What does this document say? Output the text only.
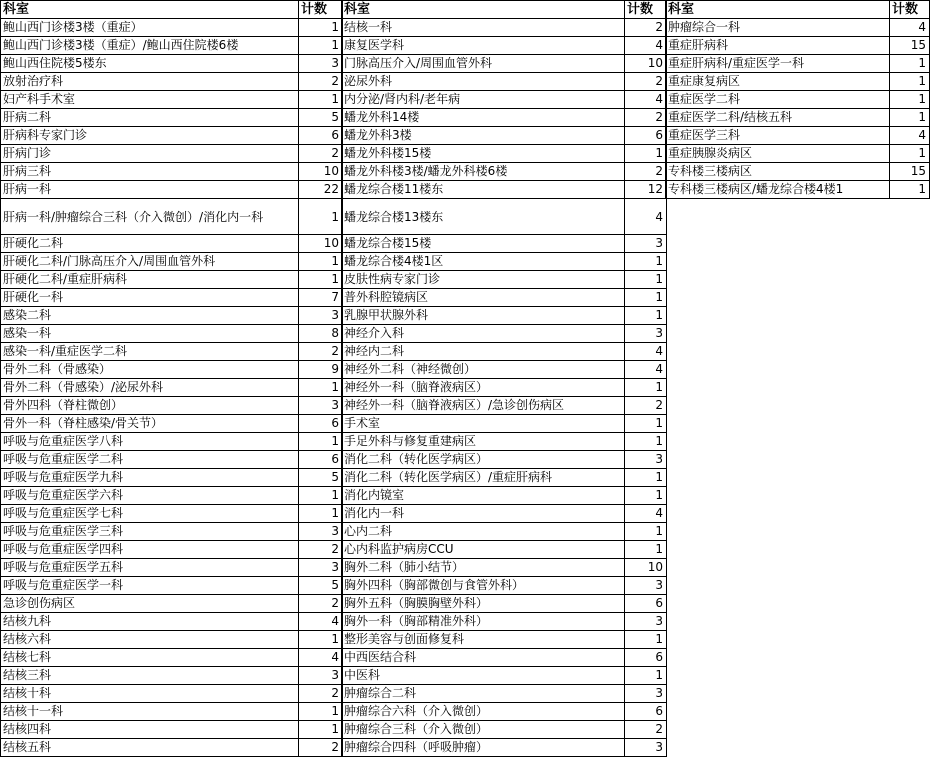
科室	计数
鲍山西门诊楼3楼（重症）	1
鲍山西门诊楼3楼（重症）/鲍山西住院楼6楼	1
鲍山西住院楼5楼东	3
放射治疗科	2
妇产科手术室	1
肝病二科	5
肝病科专家门诊	6
肝病门诊	2
肝病三科	10
肝病一科	22
肝病一科/肿瘤综合三科（介入微创）/消化内一科	1
肝硬化二科	10
肝硬化二科/门脉高压介入/周围血管外科	1
肝硬化二科/重症肝病科	1
肝硬化一科	7
感染二科	3
感染一科	8
感染一科/重症医学二科	2
骨外二科（骨感染）	9
骨外二科（骨感染）/泌尿外科	1
骨外四科（脊柱微创）	3
骨外一科（脊柱感染/骨关节）	6
呼吸与危重症医学八科	1
呼吸与危重症医学二科	6
呼吸与危重症医学九科	5
呼吸与危重症医学六科	1
呼吸与危重症医学七科	1
呼吸与危重症医学三科	3
呼吸与危重症医学四科	2
呼吸与危重症医学五科	3
呼吸与危重症医学一科	5
急诊创伤病区	2
结核九科	4
结核六科	1
结核七科	4
结核三科	3
结核十科	2
结核十一科	1
结核四科	1
结核五科	2
科室	计数
结核一科	2
康复医学科	4
门脉高压介入/周围血管外科	10
泌尿外科	2
内分泌/肾内科/老年病	4
蟠龙外科14楼	2
蟠龙外科3楼	6
蟠龙外科楼15楼	1
蟠龙外科楼3楼/蟠龙外科楼6楼	2
蟠龙综合楼11楼东	12
蟠龙综合楼13楼东	4
蟠龙综合楼15楼	3
蟠龙综合楼4楼1区	1
皮肤性病专家门诊	1
普外科腔镜病区	1
乳腺甲状腺外科	1
神经介入科	3
神经内二科	4
神经外二科（神经微创）	4
神经外一科（脑脊液病区）	1
神经外一科（脑脊液病区）/急诊创伤病区	2
手术室	1
手足外科与修复重建病区	1
消化二科（转化医学病区）	3
消化二科（转化医学病区）/重症肝病科	1
消化内镜室	1
消化内一科	4
心内二科	1
心内科监护病房CCU	1
胸外二科（肺小结节）	10
胸外四科（胸部微创与食管外科）	3
胸外五科（胸膜胸壁外科）	6
胸外一科（胸部精准外科）	3
整形美容与创面修复科	1
中西医结合科	6
中医科	1
肿瘤综合二科	3
肿瘤综合六科（介入微创）	6
肿瘤综合三科（介入微创）	2
肿瘤综合四科（呼吸肿瘤）	3
科室	计数
肿瘤综合一科	4
重症肝病科	15
重症肝病科/重症医学一科	1
重症康复病区	1
重症医学二科	1
重症医学二科/结核五科	1
重症医学三科	4
重症胰腺炎病区	1
专科楼三楼病区	15
专科楼三楼病区/蟠龙综合楼4楼1	1
